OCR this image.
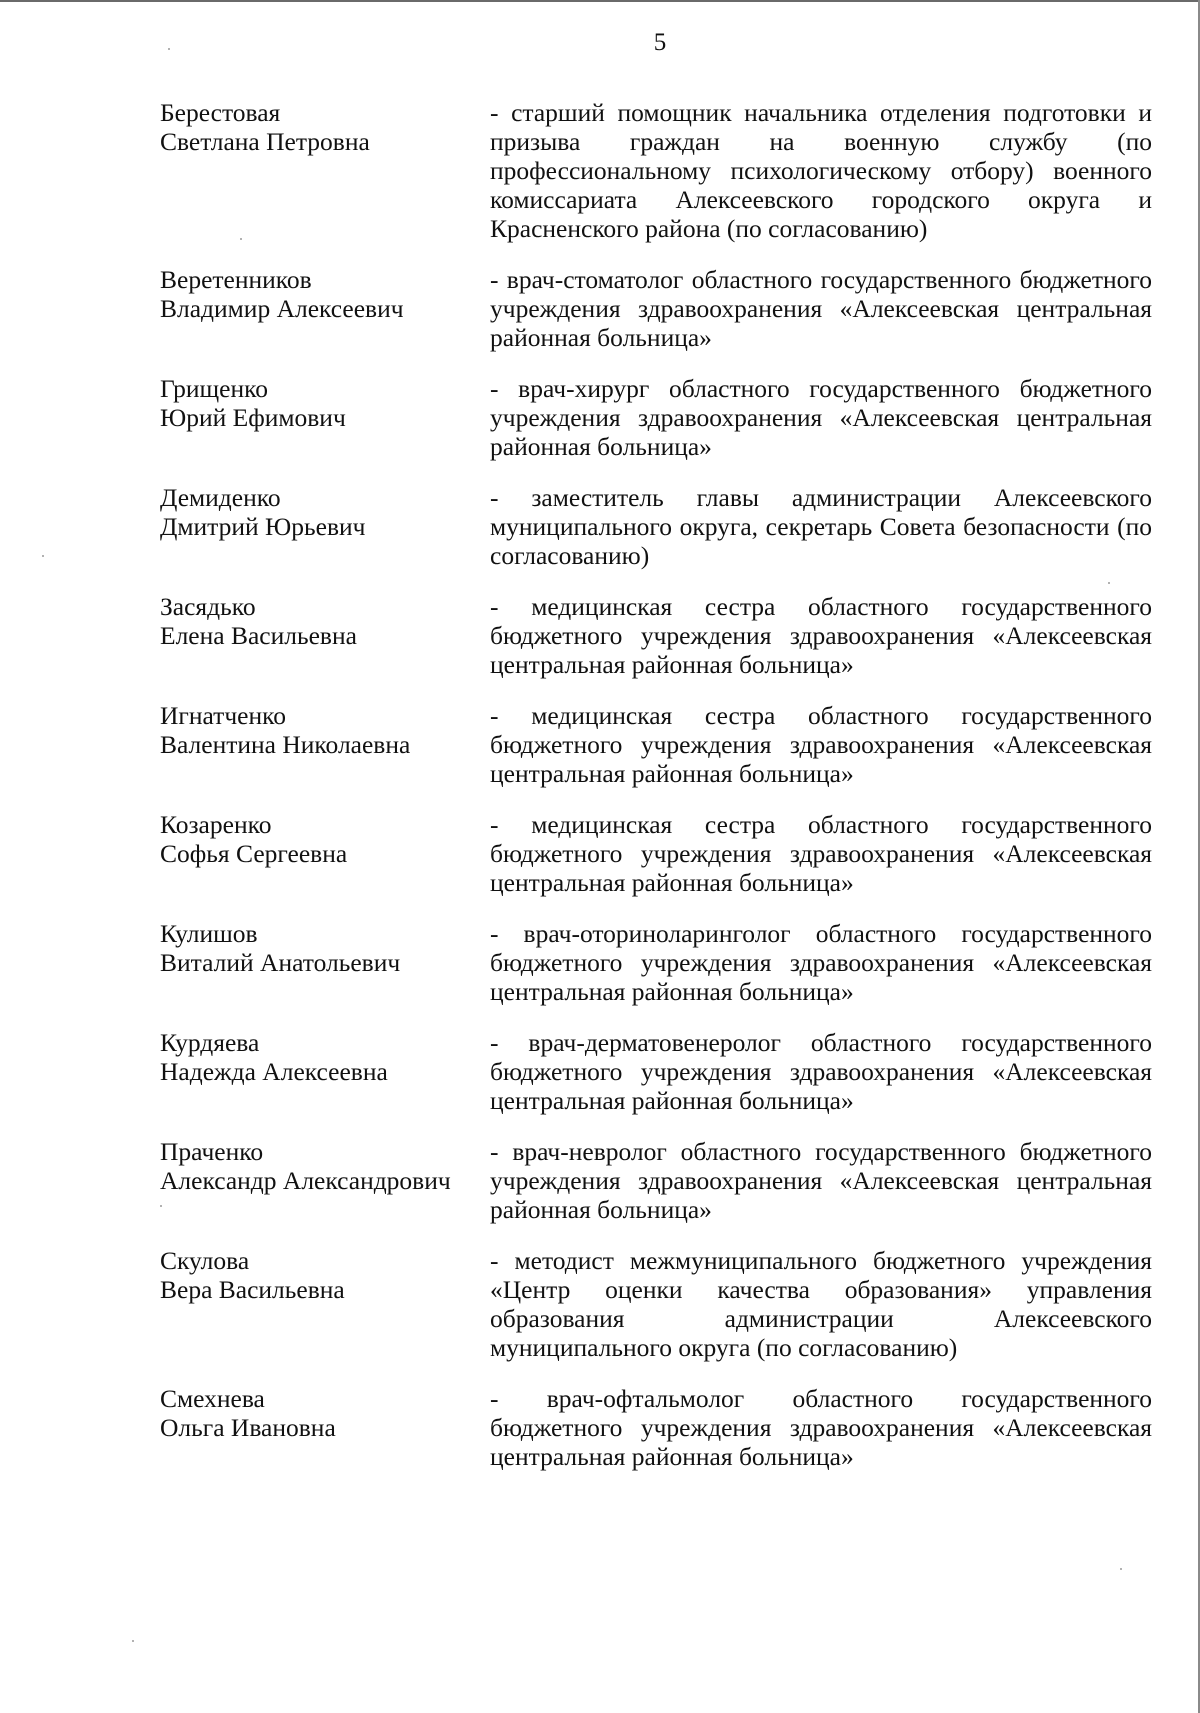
5
Берестовая
Светлана Петровна

- старший помощник начальника отделения подготовки и призыва граждан на военную службу (по профессиональному психологическому отбору) военного комиссариата Алексеевского городского округа и Красненского района (по согласованию)

Веретенников
Владимир Алексеевич

- врач-стоматолог областного государственного бюджетного учреждения здравоохранения «Алексеевская центральная районная больница»

Грищенко
Юрий Ефимович

- врач-хирург областного государственного бюджетного учреждения здравоохранения «Алексеевская центральная районная больница»

Демиденко
Дмитрий Юрьевич

- заместитель главы администрации Алексеевского муниципального округа, секретарь Совета безопасности (по согласованию)

Засядько
Елена Васильевна

- медицинская сестра областного государственного бюджетного учреждения здравоохранения «Алексеевская центральная районная больница»

Игнатченко
Валентина Николаевна

- медицинская сестра областного государственного бюджетного учреждения здравоохранения «Алексеевская центральная районная больница»

Козаренко
Софья Сергеевна

- медицинская сестра областного государственного бюджетного учреждения здравоохранения «Алексеевская центральная районная больница»

Кулишов
Виталий Анатольевич

- врач-оториноларинголог областного государственного бюджетного учреждения здравоохранения «Алексеевская центральная районная больница»

Курдяева
Надежда Алексеевна

- врач-дерматовенеролог областного государственного бюджетного учреждения здравоохранения «Алексеевская центральная районная больница»

Праченко
Александр Александрович

- врач-невролог областного государственного бюджетного учреждения здравоохранения «Алексеевская центральная районная больница»

Скулова
Вера Васильевна

- методист межмуниципального бюджетного учреждения «Центр оценки качества образования» управления образования администрации Алексеевского муниципального округа (по согласованию)

Смехнева
Ольга Ивановна

- врач-офтальмолог областного государственного бюджетного учреждения здравоохранения «Алексеевская центральная районная больница»
